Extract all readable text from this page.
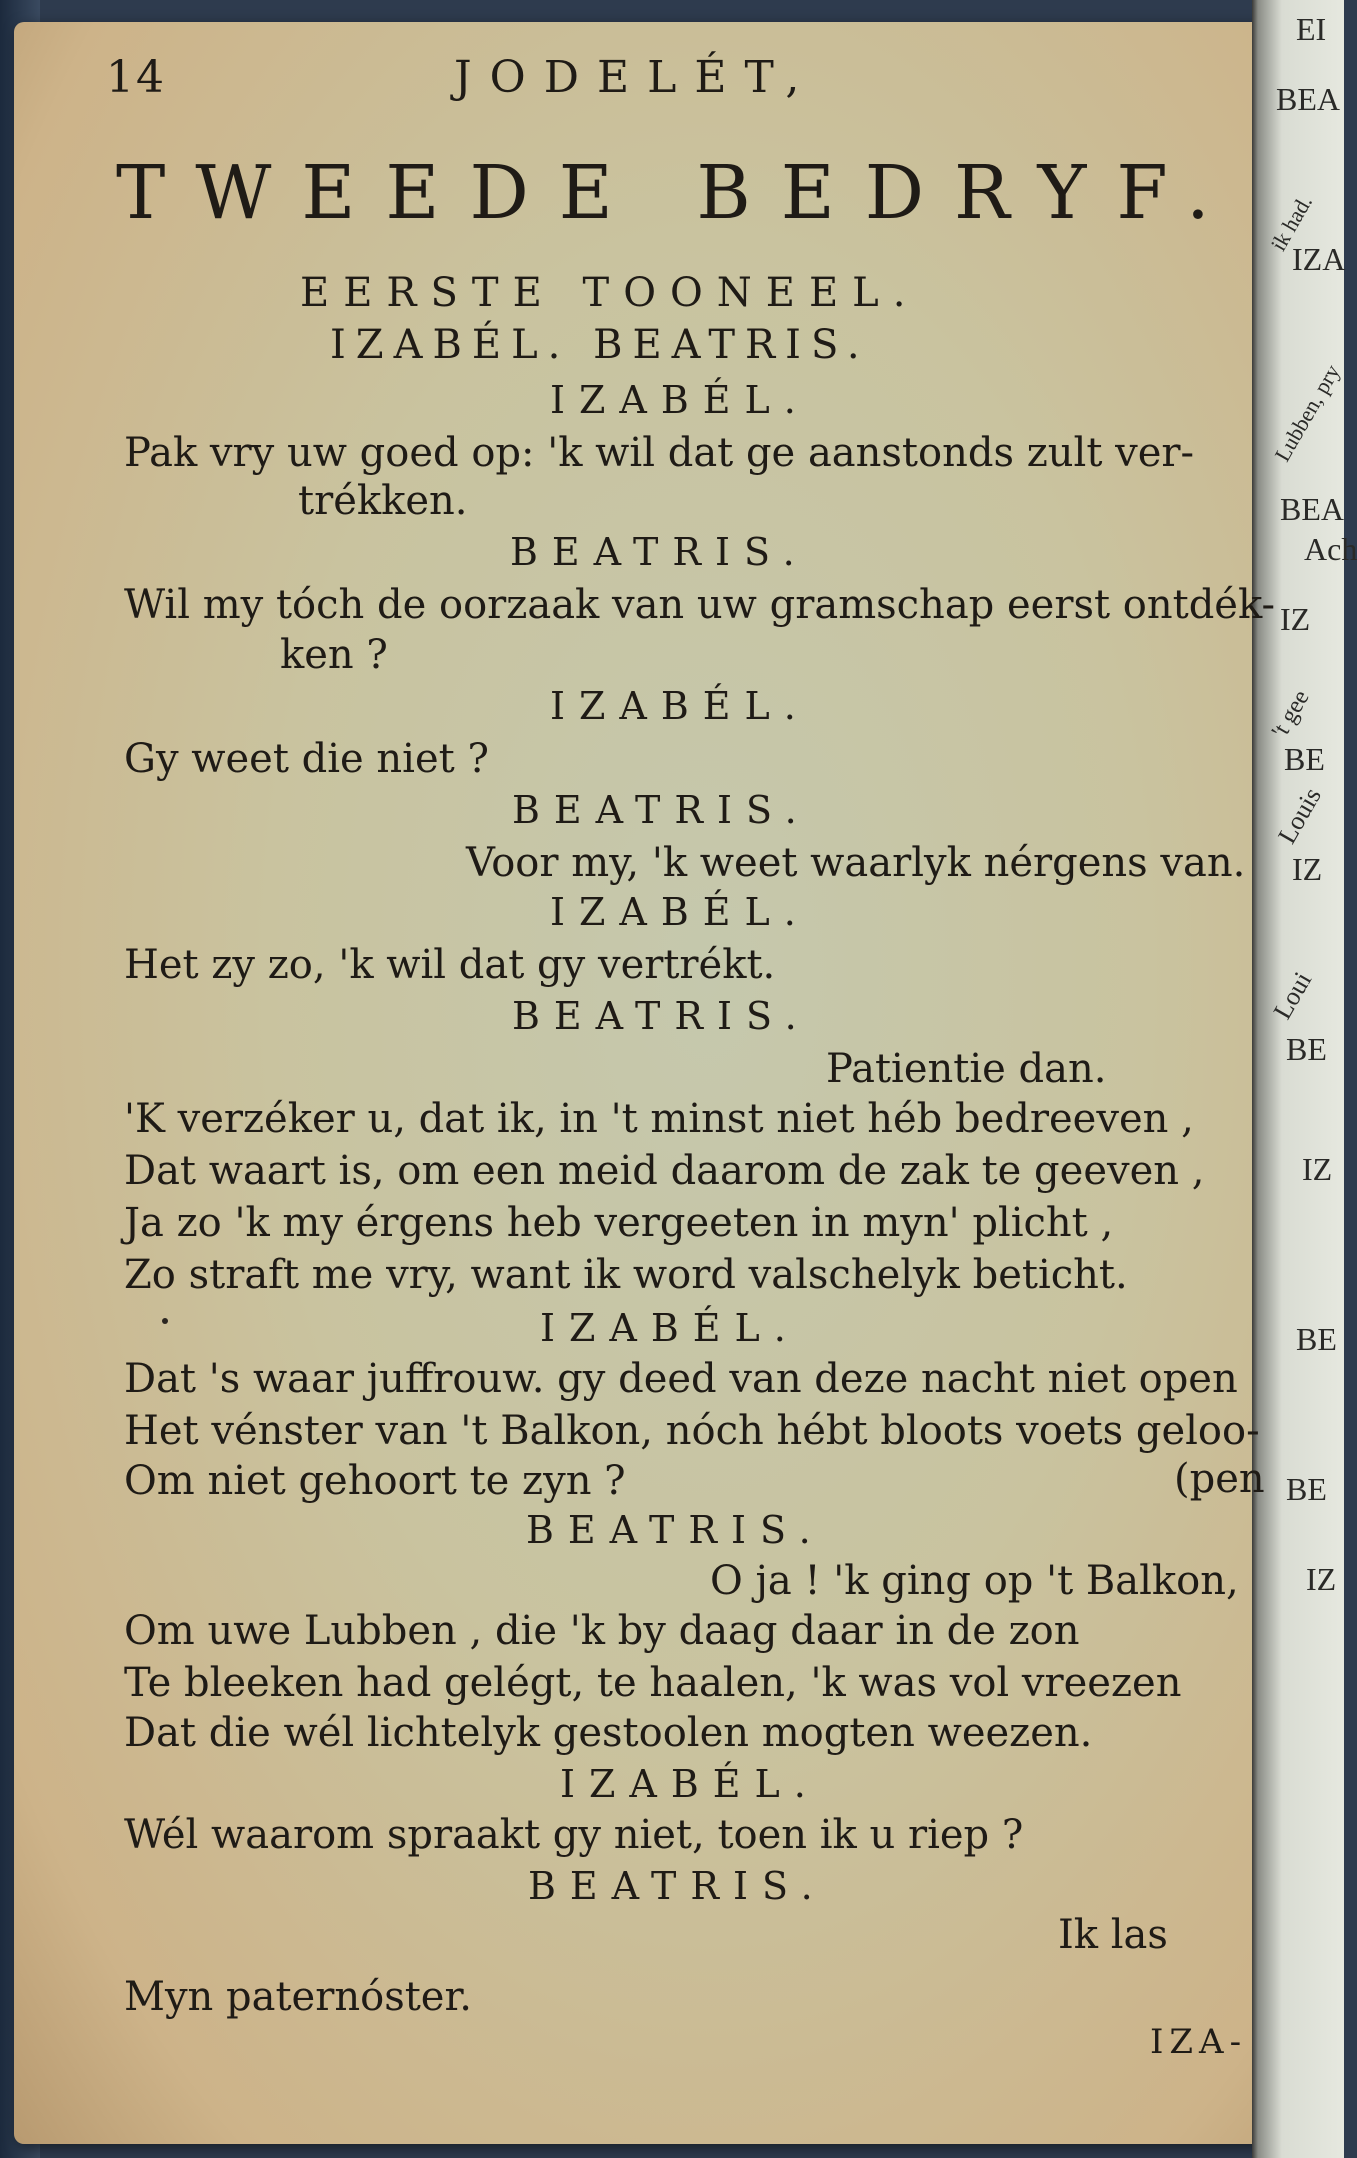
EI
BEA
ik had.
IZA
Lubben, pry
BEA
Ach
IZ
't gee
BE
Louis
IZ
Loui
BE
IZ
BE
BE
IZ
14	JODELÉT,
TWEEDE BEDRYF.
EERSTE TOONEEL.
IZABÉL. BEATRIS.
IZABÉL.
Pak vry uw goed op: 'k wil dat ge aanstonds zult ver-
trékken.
BEATRIS.
Wil my tóch de oorzaak van uw gramschap eerst ontdék-
ken ?
IZABÉL.
Gy weet die niet ?
BEATRIS.
Voor my, 'k weet waarlyk nérgens van.
IZABÉL.
Het zy zo, 'k wil dat gy vertrékt.
BEATRIS.
Patientie dan.
'K verzéker u, dat ik, in 't minst niet héb bedreeven ,
Dat waart is, om een meid daarom de zak te geeven ,
Ja zo 'k my érgens heb vergeeten in myn' plicht ,
Zo straft me vry, want ik word valschelyk beticht.
IZABÉL.
Dat 's waar juffrouw. gy deed van deze nacht niet open
Het vénster van 't Balkon, nóch hébt bloots voets geloo-
Om niet gehoort te zyn ?	(pen
BEATRIS.
O ja ! 'k ging op 't Balkon,
Om uwe Lubben , die 'k by daag daar in de zon
Te bleeken had gelégt, te haalen, 'k was vol vreezen
Dat die wél lichtelyk gestoolen mogten weezen.
IZABÉL.
Wél waarom spraakt gy niet, toen ik u riep ?
BEATRIS.
Ik las
Myn paternóster.
IZA-
